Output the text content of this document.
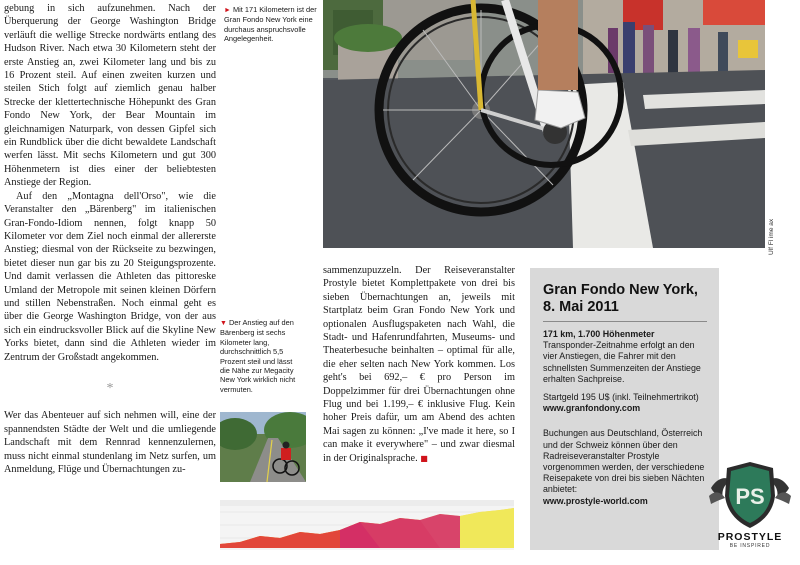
gebung in sich aufzunehmen. Nach der Überquerung der George Washington Bridge verläuft die wellige Strecke nordwärts entlang des Hudson River. Nach etwa 30 Kilometern steht der erste Anstieg an, zwei Kilometer lang und bis zu 16 Prozent steil. Auf einen zweiten kurzen und steilen Stich folgt auf ziemlich genau halber Strecke der klettertechnische Höhepunkt des Gran Fondo New York, der Bear Mountain im gleichnamigen Naturpark, von dessen Gipfel sich ein Rundblick über die dicht bewaldete Landschaft werfen lässt. Mit sechs Kilometern und gut 300 Höhenmetern ist dies einer der beliebtesten Anstiege der Region.

Auf den „Montagna dell'Orso", wie die Veranstalter den „Bärenberg" im italienischen Gran-Fondo-Idiom nennen, folgt knapp 50 Kilometer vor dem Ziel noch einmal der allererste Anstieg; diesmal von der Rückseite zu bezwingen, bietet dieser nun gar bis zu 20 Steigungsprozente. Und damit verlassen die Athleten das pittoreske Umland der Metropole mit seinen kleinen Dörfern und stillen Nebenstraßen. Noch einmal geht es über die George Washington Bridge, von der aus sich ein eindrucksvoller Blick auf die Skyline New Yorks bietet, dann sind die Athleten wieder im Zentrum der Großstadt angekommen.

*

Wer das Abenteuer auf sich nehmen will, eine der spannendsten Städte der Welt und die umliegende Landschaft mit dem Rennrad kennenzulernen, muss nicht einmal stundenlang im Netz surfen, um Anmeldung, Flüge und Übernachtungen zu-

► Mit 171 Kilometern ist der Gran Fondo New York eine durchaus anspruchsvolle Angelegenheit.
Ulf Fl ime ax
▼ Der Anstieg auf den Bärenberg ist sechs Kilometer lang, durchschnittlich 5,5 Prozent steil und lässt die Nähe zur Megacity New York wirklich nicht vermuten.
sammenzupuzzeln. Der Reiseveranstalter Prostyle bietet Komplettpakete von drei bis sieben Übernachtungen an, jeweils mit Startplatz beim Gran Fondo New York und optionalen Ausflugspaketen nach Wahl, die Stadt- und Hafenrundfahrten, Museums- und Theaterbesuche beinhalten – optimal für alle, die eher selten nach New York kommen. Los geht's bei 692,– € pro Person im Doppelzimmer für drei Übernachtungen ohne Flug und bei 1.199,– € inklusive Flug. Kein hoher Preis dafür, um am Abend des achten Mai sagen zu können: „I've made it here, so I can make it everywhere" – und zwar diesmal in der Originalsprache. ■
Gran Fondo New York, 8. Mai 2011

171 km, 1.700 Höhenmeter
Transponder-Zeitnahme erfolgt an den vier Anstiegen, die Fahrer mit den schnellsten Summenzeiten der Anstiege erhalten Sachpreise.

Startgeld 195 U$ (inkl. Teilnehmertrikot) www.granfondony.com

Buchungen aus Deutschland, Österreich und der Schweiz können über den Radreiseveranstalter Prostyle vorgenommen werden, der verschiedene Reisepakete von drei bis sieben Nächten anbietet:
www.prostyle-world.com	PS
PROSTYLE
BE INSPIRED
